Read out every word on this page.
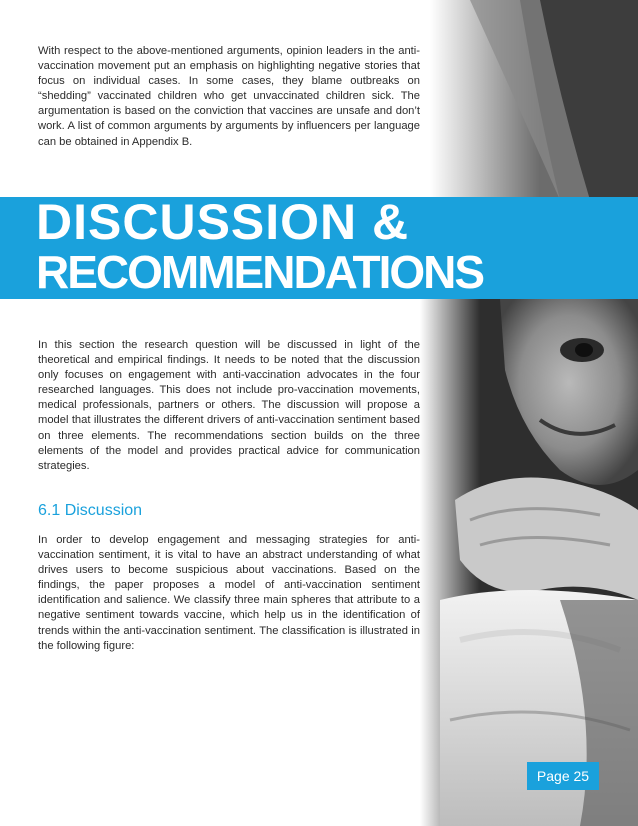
With respect to the above-mentioned arguments, opinion leaders in the anti-vaccination movement put an emphasis on highlighting negative stories that focus on individual cases. In some cases, they blame outbreaks on “shedding” vaccinated children who get unvaccinated children sick. The argumentation is based on the conviction that vaccines are unsafe and don’t work. A list of common arguments by arguments by influencers per language can be obtained in Appendix B.

DISCUSSION &
RECOMMENDATIONS

In this section the research question will be discussed in light of the theoretical and empirical findings. It needs to be noted that the discussion only focuses on engagement with anti-vaccination advocates in the four researched languages. This does not include pro-vaccination movements, medical professionals, partners or others. The discussion will propose a model that illustrates the different drivers of anti-vaccination sentiment based on three elements. The recommendations section builds on the three elements of the model and provides practical advice for communication strategies.

6.1 Discussion

In order to develop engagement and messaging strategies for anti-vaccination sentiment, it is vital to have an abstract understanding of what drives users to become suspicious about vaccinations. Based on the findings, the paper proposes a model of anti-vaccination sentiment identification and salience. We classify three main spheres that attribute to a negative sentiment towards vaccine, which help us in the identification of trends within the anti-vaccination sentiment. The classification is illustrated in the following figure:

Page 25
